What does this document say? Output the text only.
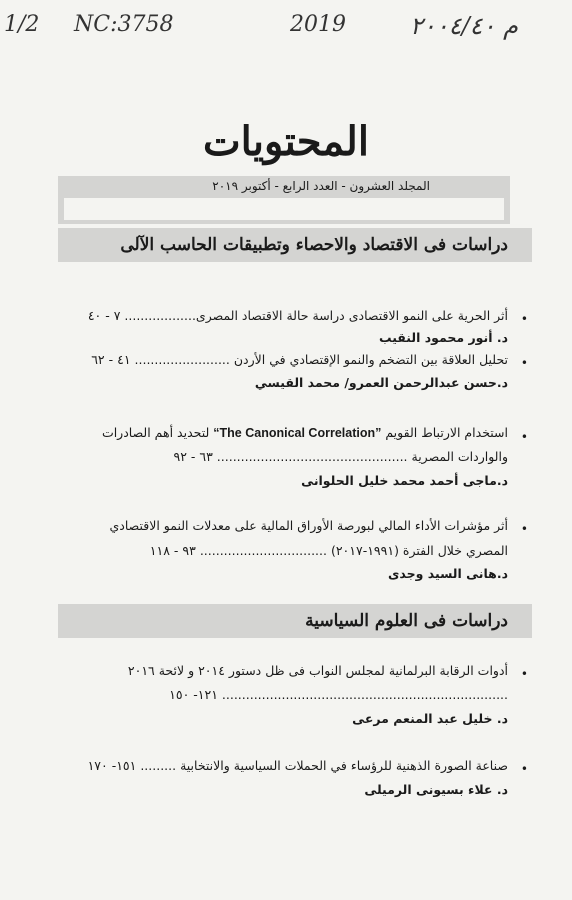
1/2 NC:3758	2019	م ٢٠٠٤/٤٠
المحتويات
المجلد العشرون - العدد الرابع - أكتوبر ٢٠١٩
دراسات فى الاقتصاد والاحصاء وتطبيقات الحاسب الآلى
•
أثر الحرية على النمو الاقتصادى دراسة حالة الاقتصاد المصرى.................. ٧ - ٤٠
د. أنور محمود النقيب
•
تحليل العلاقة بين التضخم والنمو الإقتصادي في الأردن ........................ ٤١ - ٦٢
د.حسن عبدالرحمن العمرو/ محمد القيسي
•
استخدام الارتباط القويم “The Canonical Correlation” لتحديد أهم الصادرات
والواردات المصرية ................................................ ٦٣ - ٩٢
د.ماجى أحمد محمد خليل الحلوانى
•
أثر مؤشرات الأداء المالي لبورصة الأوراق المالية على معدلات النمو الاقتصادي
المصري خلال الفترة (١٩٩١-٢٠١٧) ................................ ٩٣ - ١١٨
د.هانى السيد وجدى
دراسات فى العلوم السياسية
•
أدوات الرقابة البرلمانية لمجلس النواب فى ظل دستور ٢٠١٤ و لائحة ٢٠١٦
........................................................................ ١٢١- ١٥٠
د. خليل عبد المنعم مرعى
•
صناعة الصورة الذهنية للرؤساء في الحملات السياسية والانتخابية ......... ١٥١- ١٧٠
د. علاء بسيونى الرميلى
